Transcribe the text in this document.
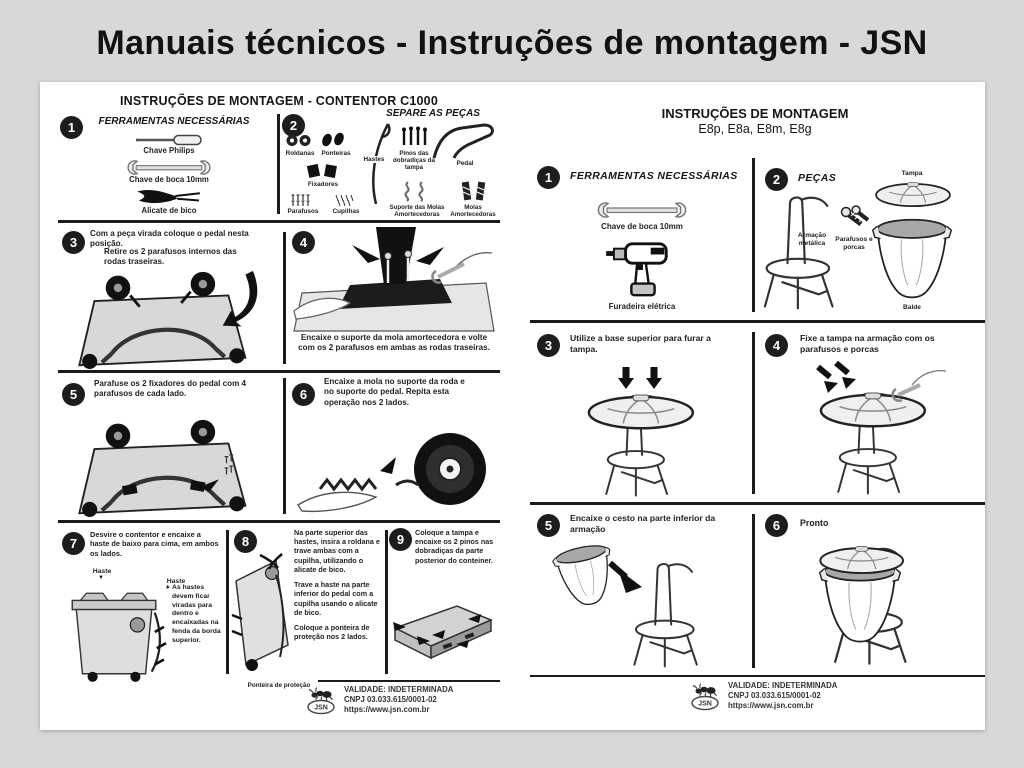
Manuais técnicos - Instruções de montagem - JSN
INSTRUÇÕES DE MONTAGEM - CONTENTOR C1000
1	FERRAMENTAS NECESSÁRIAS
Chave Philips
Chave de boca 10mm
Alicate de bico
2
SEPARE AS PEÇAS
Roldanas	Ponteiras
Fixadores
Parafusos	Cupilhas
Hastes
Pinos das dobradiças da tampa
Suporte das Molas Amortecedoras
Pedal
Molas Amortecedoras
3
Com a peça virada coloque o pedal nesta posição.
Retire os 2 parafusos internos das rodas traseiras.
4
Encaixe o suporte da mola amortecedora e volte com os 2 parafusos em ambas as rodas traseiras.
5
Parafuse os 2 fixadores do pedal com 4 parafusos de cada lado.	6
Encaixe a mola no suporte da roda e no suporte do pedal. Repita esta operação nos 2 lados.
7
Desvire o contentor e encaixe a haste de baixo para cima, em ambos os lados.
Haste
▼	Haste
▼ As hastes devem ficar viradas para dentro e encaixadas na fenda da borda superior.
8
Na parte superior das hastes, insira a roldana e trave ambas com a cupilha, utilizando o alicate de bico.
Trave a haste na parte inferior do pedal com a cupilha usando o alicate de bico.
Coloque a ponteira de proteção nos 2 lados.
Ponteira de proteção
9	Coloque a tampa e encaixe os 2 pinos nas dobradiças da parte posterior do conteiner.
JSN
VALIDADE: INDETERMINADA
CNPJ 03.033.615/0001-02
https://www.jsn.com.br
INSTRUÇÕES DE MONTAGEM
E8p, E8a, E8m, E8g
1	FERRAMENTAS NECESSÁRIAS
Chave de boca 10mm
Furadeira elétrica
2	PEÇAS
Armação metálica
Parafusos e porcas
Tampa
Balde
3	Utilize a base superior para furar a tampa.	4	Fixe a tampa na armação com os parafusos e porcas
5	Encaixe o cesto na parte inferior da armação	6	Pronto
JSN
VALIDADE: INDETERMINADA
CNPJ 03.033.615/0001-02
https://www.jsn.com.br
